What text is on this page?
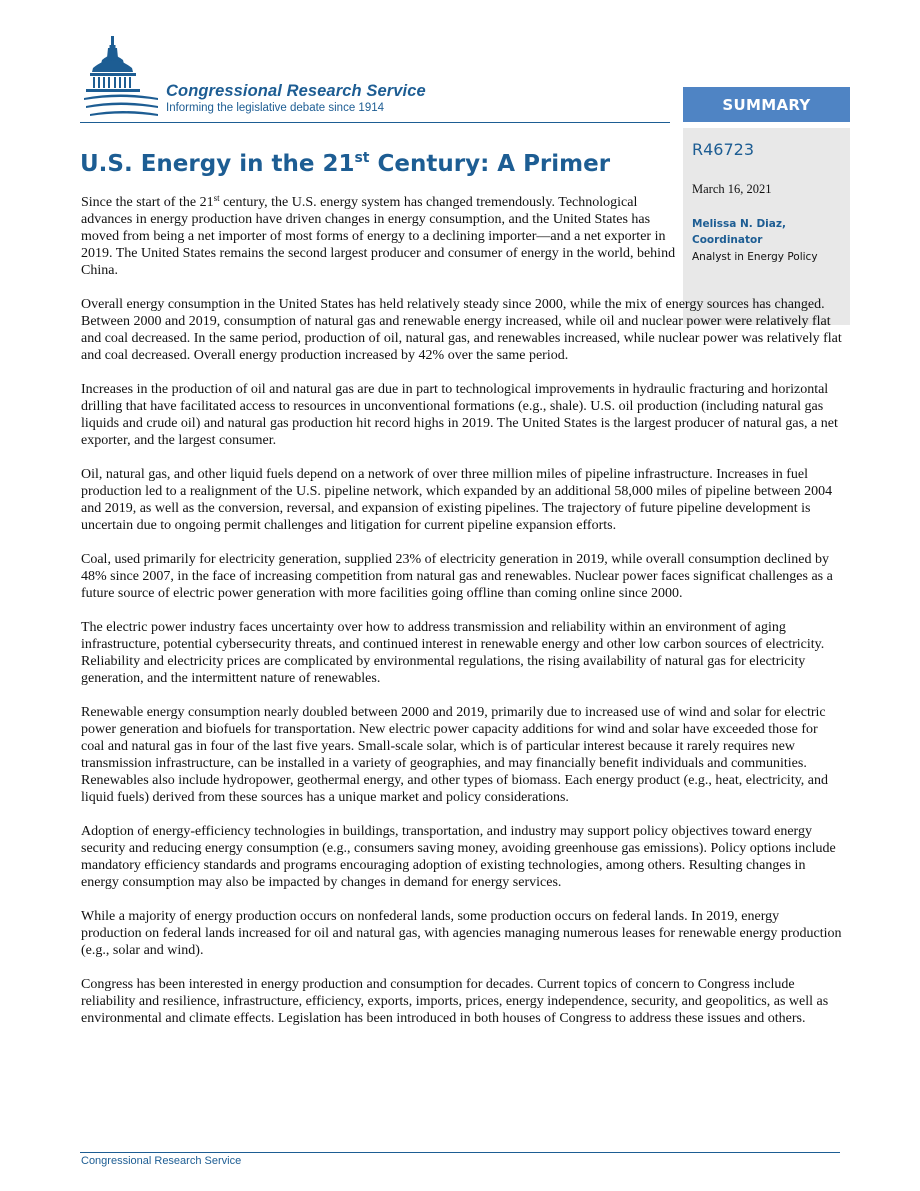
Congressional Research Service
Informing the legislative debate since 1914	SUMMARY
R46723
March 16, 2021
Melissa N. Diaz,
Coordinator
Analyst in Energy Policy
U.S. Energy in the 21st Century: A Primer

Since the start of the 21st century, the U.S. energy system has changed tremendously. Technological advances in energy production have driven changes in energy consumption, and the United States has moved from being a net importer of most forms of energy to a declining importer—and a net exporter in 2019. The United States remains the second largest producer and consumer of energy in the world, behind China.

Overall energy consumption in the United States has held relatively steady since 2000, while the mix of energy sources has changed. Between 2000 and 2019, consumption of natural gas and renewable energy increased, while oil and nuclear power were relatively flat and coal decreased. In the same period, production of oil, natural gas, and renewables increased, while nuclear power was relatively flat and coal decreased. Overall energy production increased by 42% over the same period.

Increases in the production of oil and natural gas are due in part to technological improvements in hydraulic fracturing and horizontal drilling that have facilitated access to resources in unconventional formations (e.g., shale). U.S. oil production (including natural gas liquids and crude oil) and natural gas production hit record highs in 2019. The United States is the largest producer of natural gas, a net exporter, and the largest consumer.

Oil, natural gas, and other liquid fuels depend on a network of over three million miles of pipeline infrastructure. Increases in fuel production led to a realignment of the U.S. pipeline network, which expanded by an additional 58,000 miles of pipeline between 2004 and 2019, as well as the conversion, reversal, and expansion of existing pipelines. The trajectory of future pipeline development is uncertain due to ongoing permit challenges and litigation for current pipeline expansion efforts.

Coal, used primarily for electricity generation, supplied 23% of electricity generation in 2019, while overall consumption declined by 48% since 2007, in the face of increasing competition from natural gas and renewables. Nuclear power faces significat challenges as a future source of electric power generation with more facilities going offline than coming online since 2000.

The electric power industry faces uncertainty over how to address transmission and reliability within an environment of aging infrastructure, potential cybersecurity threats, and continued interest in renewable energy and other low carbon sources of electricity. Reliability and electricity prices are complicated by environmental regulations, the rising availability of natural gas for electricity generation, and the intermittent nature of renewables.

Renewable energy consumption nearly doubled between 2000 and 2019, primarily due to increased use of wind and solar for electric power generation and biofuels for transportation. New electric power capacity additions for wind and solar have exceeded those for coal and natural gas in four of the last five years. Small-scale solar, which is of particular interest because it rarely requires new transmission infrastructure, can be installed in a variety of geographies, and may financially benefit individuals and communities. Renewables also include hydropower, geothermal energy, and other types of biomass. Each energy product (e.g., heat, electricity, and liquid fuels) derived from these sources has a unique market and policy considerations.

Adoption of energy-efficiency technologies in buildings, transportation, and industry may support policy objectives toward energy security and reducing energy consumption (e.g., consumers saving money, avoiding greenhouse gas emissions). Policy options include mandatory efficiency standards and programs encouraging adoption of existing technologies, among others. Resulting changes in energy consumption may also be impacted by changes in demand for energy services.

While a majority of energy production occurs on nonfederal lands, some production occurs on federal lands. In 2019, energy production on federal lands increased for oil and natural gas, with agencies managing numerous leases for renewable energy production (e.g., solar and wind).

Congress has been interested in energy production and consumption for decades. Current topics of concern to Congress include reliability and resilience, infrastructure, efficiency, exports, imports, prices, energy independence, security, and geopolitics, as well as environmental and climate effects. Legislation has been introduced in both houses of Congress to address these issues and others.

Congressional Research Service
